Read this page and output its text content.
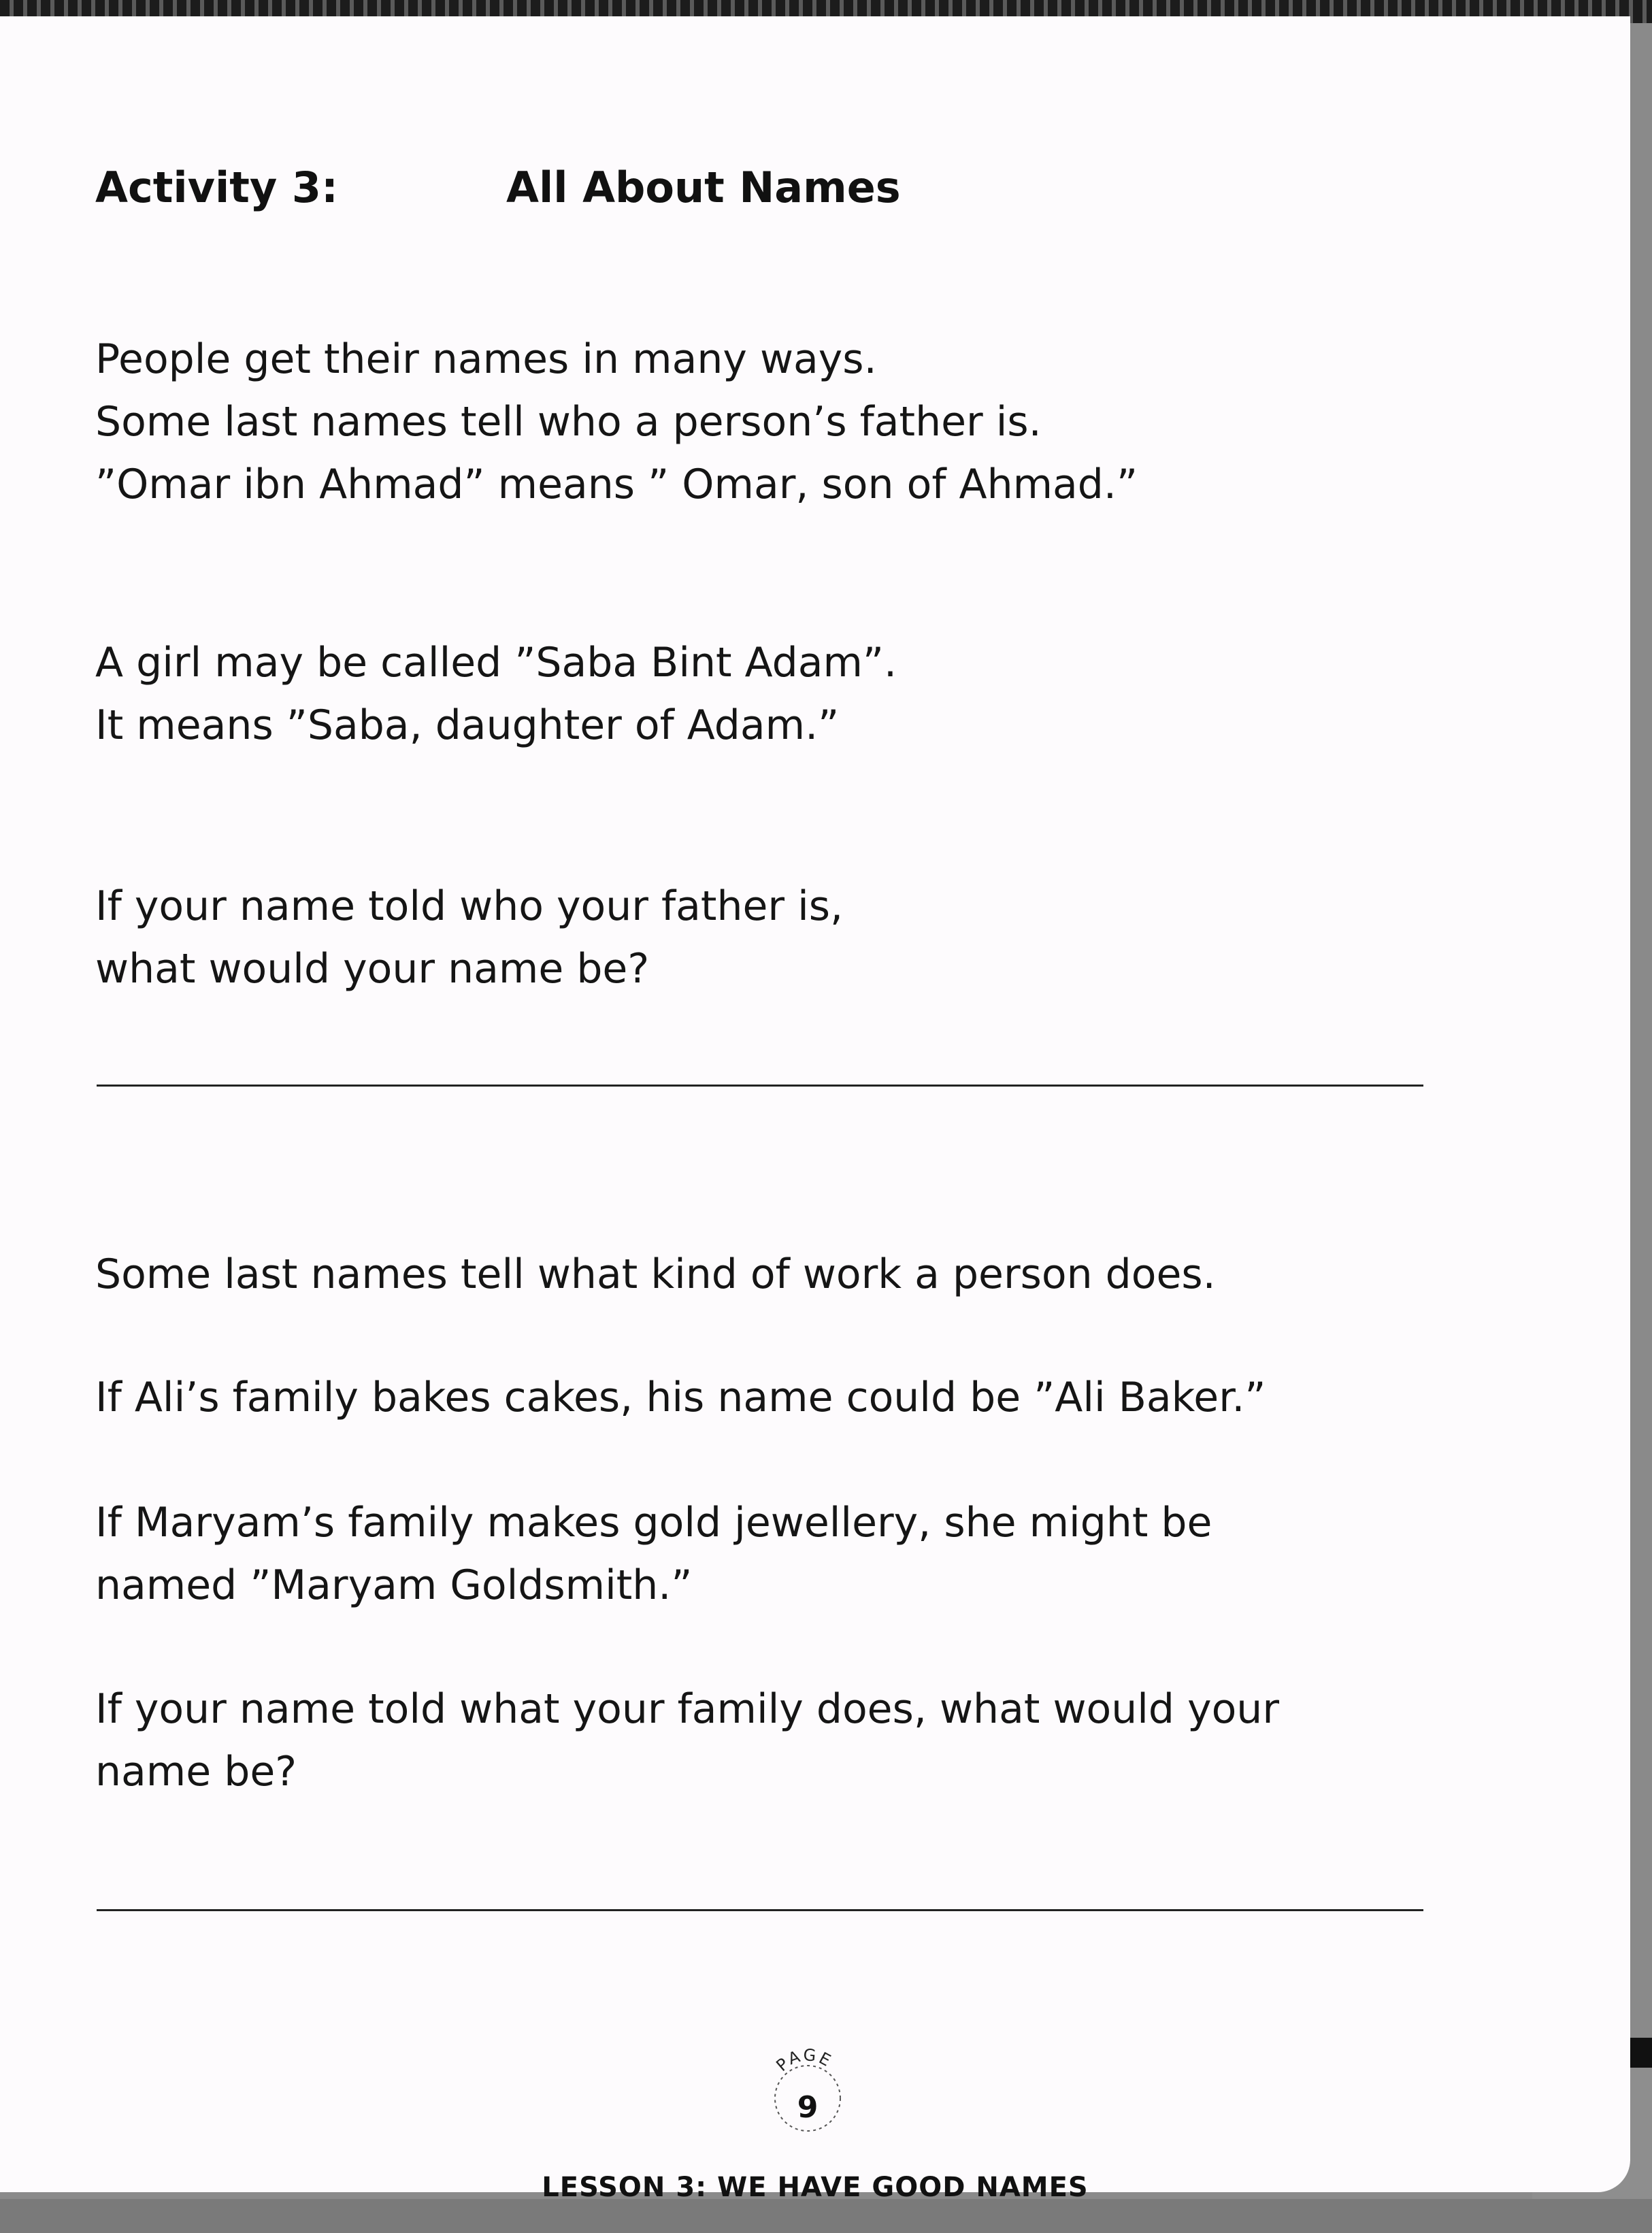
Activity 3:	All About Names

People get their names in many ways.
Some last names tell who a person’s father is.
”Omar ibn Ahmad” means ” Omar, son of Ahmad.”

A girl may be called ”Saba Bint Adam”.
It means ”Saba, daughter of Adam.”

If your name told who your father is,
what would your name be?

Some last names tell what kind of work a person does.

If Ali’s family bakes cakes, his name could be ”Ali Baker.”

If Maryam’s family makes gold jewellery, she might be
named ”Maryam Goldsmith.”

If your name told what your family does, what would your
name be?

PAGE
9
LESSON 3: WE HAVE GOOD NAMES
